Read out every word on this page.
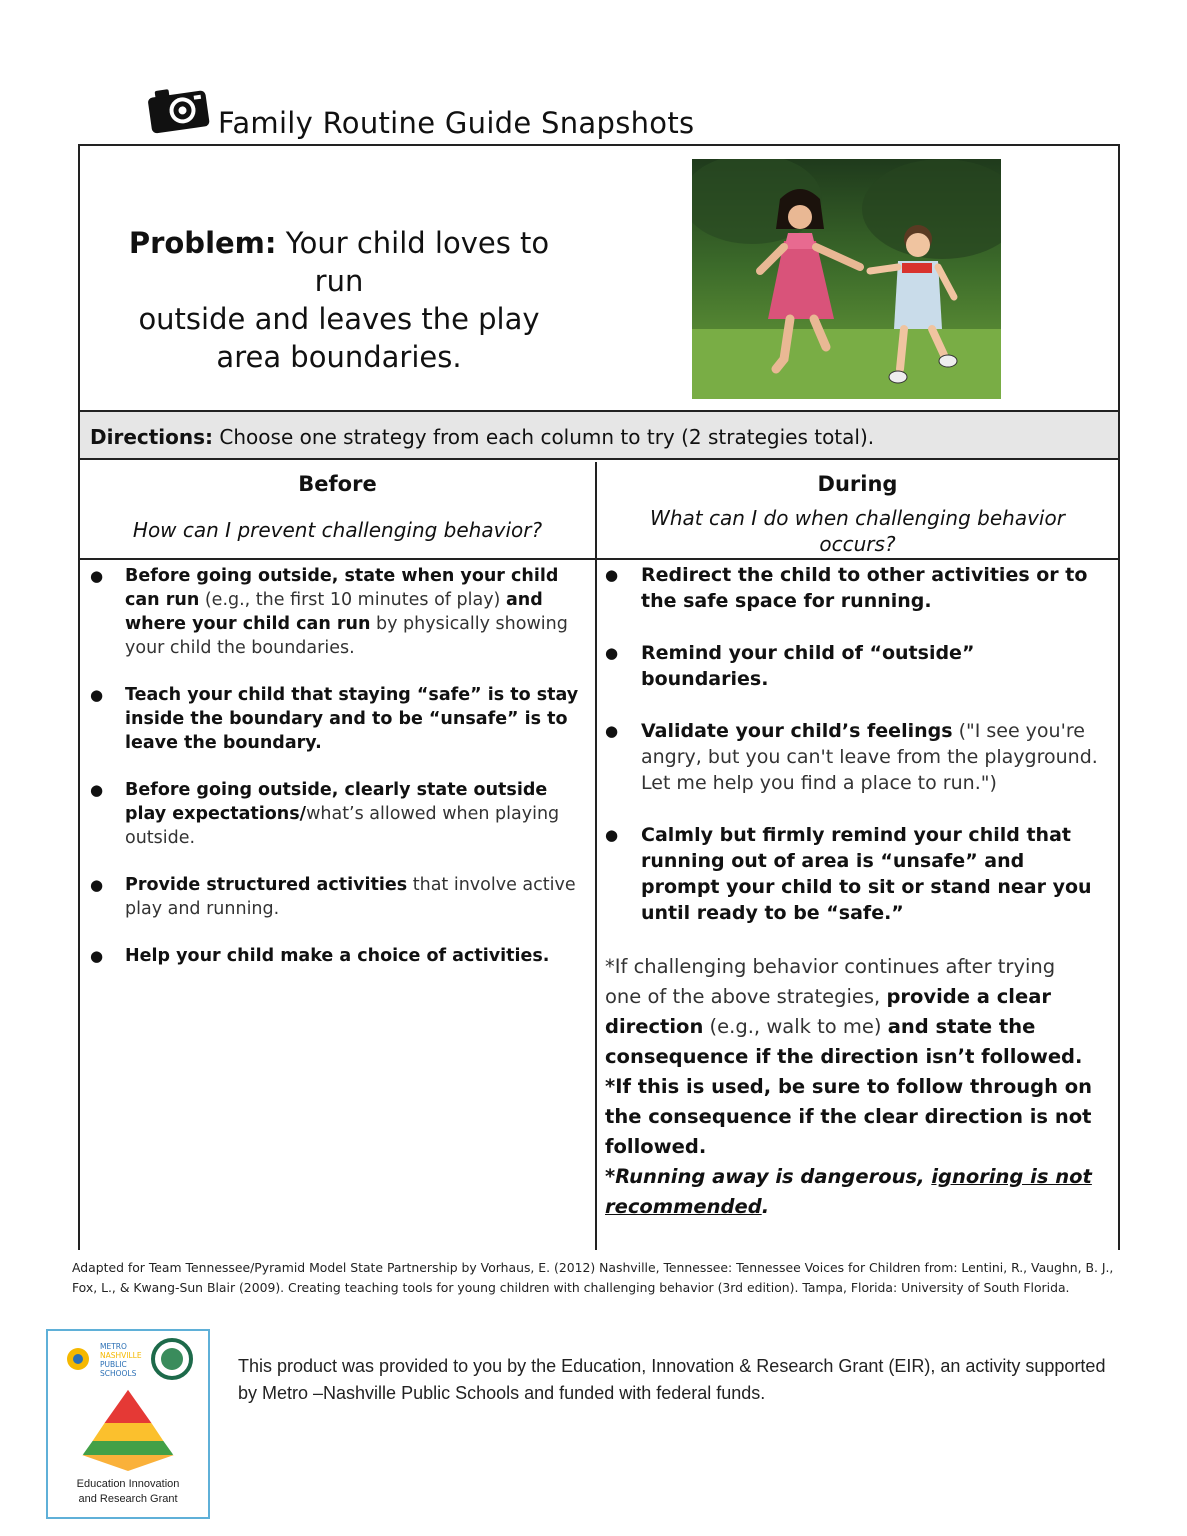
Family Routine Guide Snapshots
Problem: Your child loves to run
outside and leaves the play
area boundaries.
Directions: Choose one strategy from each column to try (2 strategies total).
Before
How can I prevent challenging behavior?
During
What can I do when challenging behavior occurs?
● Before going outside, state when your child can run (e.g., the first 10 minutes of play) and where your child can run by physically showing your child the boundaries.
● Teach your child that staying “safe” is to stay inside the boundary and to be “unsafe” is to leave the boundary.
● Before going outside, clearly state outside play expectations/what’s allowed when playing outside.
● Provide structured activities that involve active play and running.
● Help your child make a choice of activities.
● Redirect the child to other activities or to the safe space for running.
● Remind your child of “outside” boundaries.
● Validate your child’s feelings ("I see you're angry, but you can't leave from the playground. Let me help you find a place to run.")
● Calmly but firmly remind your child that running out of area is “unsafe” and prompt your child to sit or stand near you until ready to be “safe.”
*If challenging behavior continues after trying one of the above strategies, provide a clear direction (e.g., walk to me) and state the consequence if the direction isn’t followed.
*If this is used, be sure to follow through on the consequence if the clear direction is not followed.
*Running away is dangerous, ignoring is not recommended.
Adapted for Team Tennessee/Pyramid Model State Partnership by Vorhaus, E. (2012) Nashville, Tennessee: Tennessee Voices for Children from: Lentini, R., Vaughn, B. J., Fox, L., & Kwang-Sun Blair (2009). Creating teaching tools for young children with challenging behavior (3rd edition). Tampa, Florida: University of South Florida.
METRO
NASHVILLE
PUBLIC
SCHOOLS
Education Innovation
and Research Grant
This product was provided to you by the Education, Innovation & Research Grant (EIR), an activity supported by Metro –Nashville Public Schools and funded with federal funds.
